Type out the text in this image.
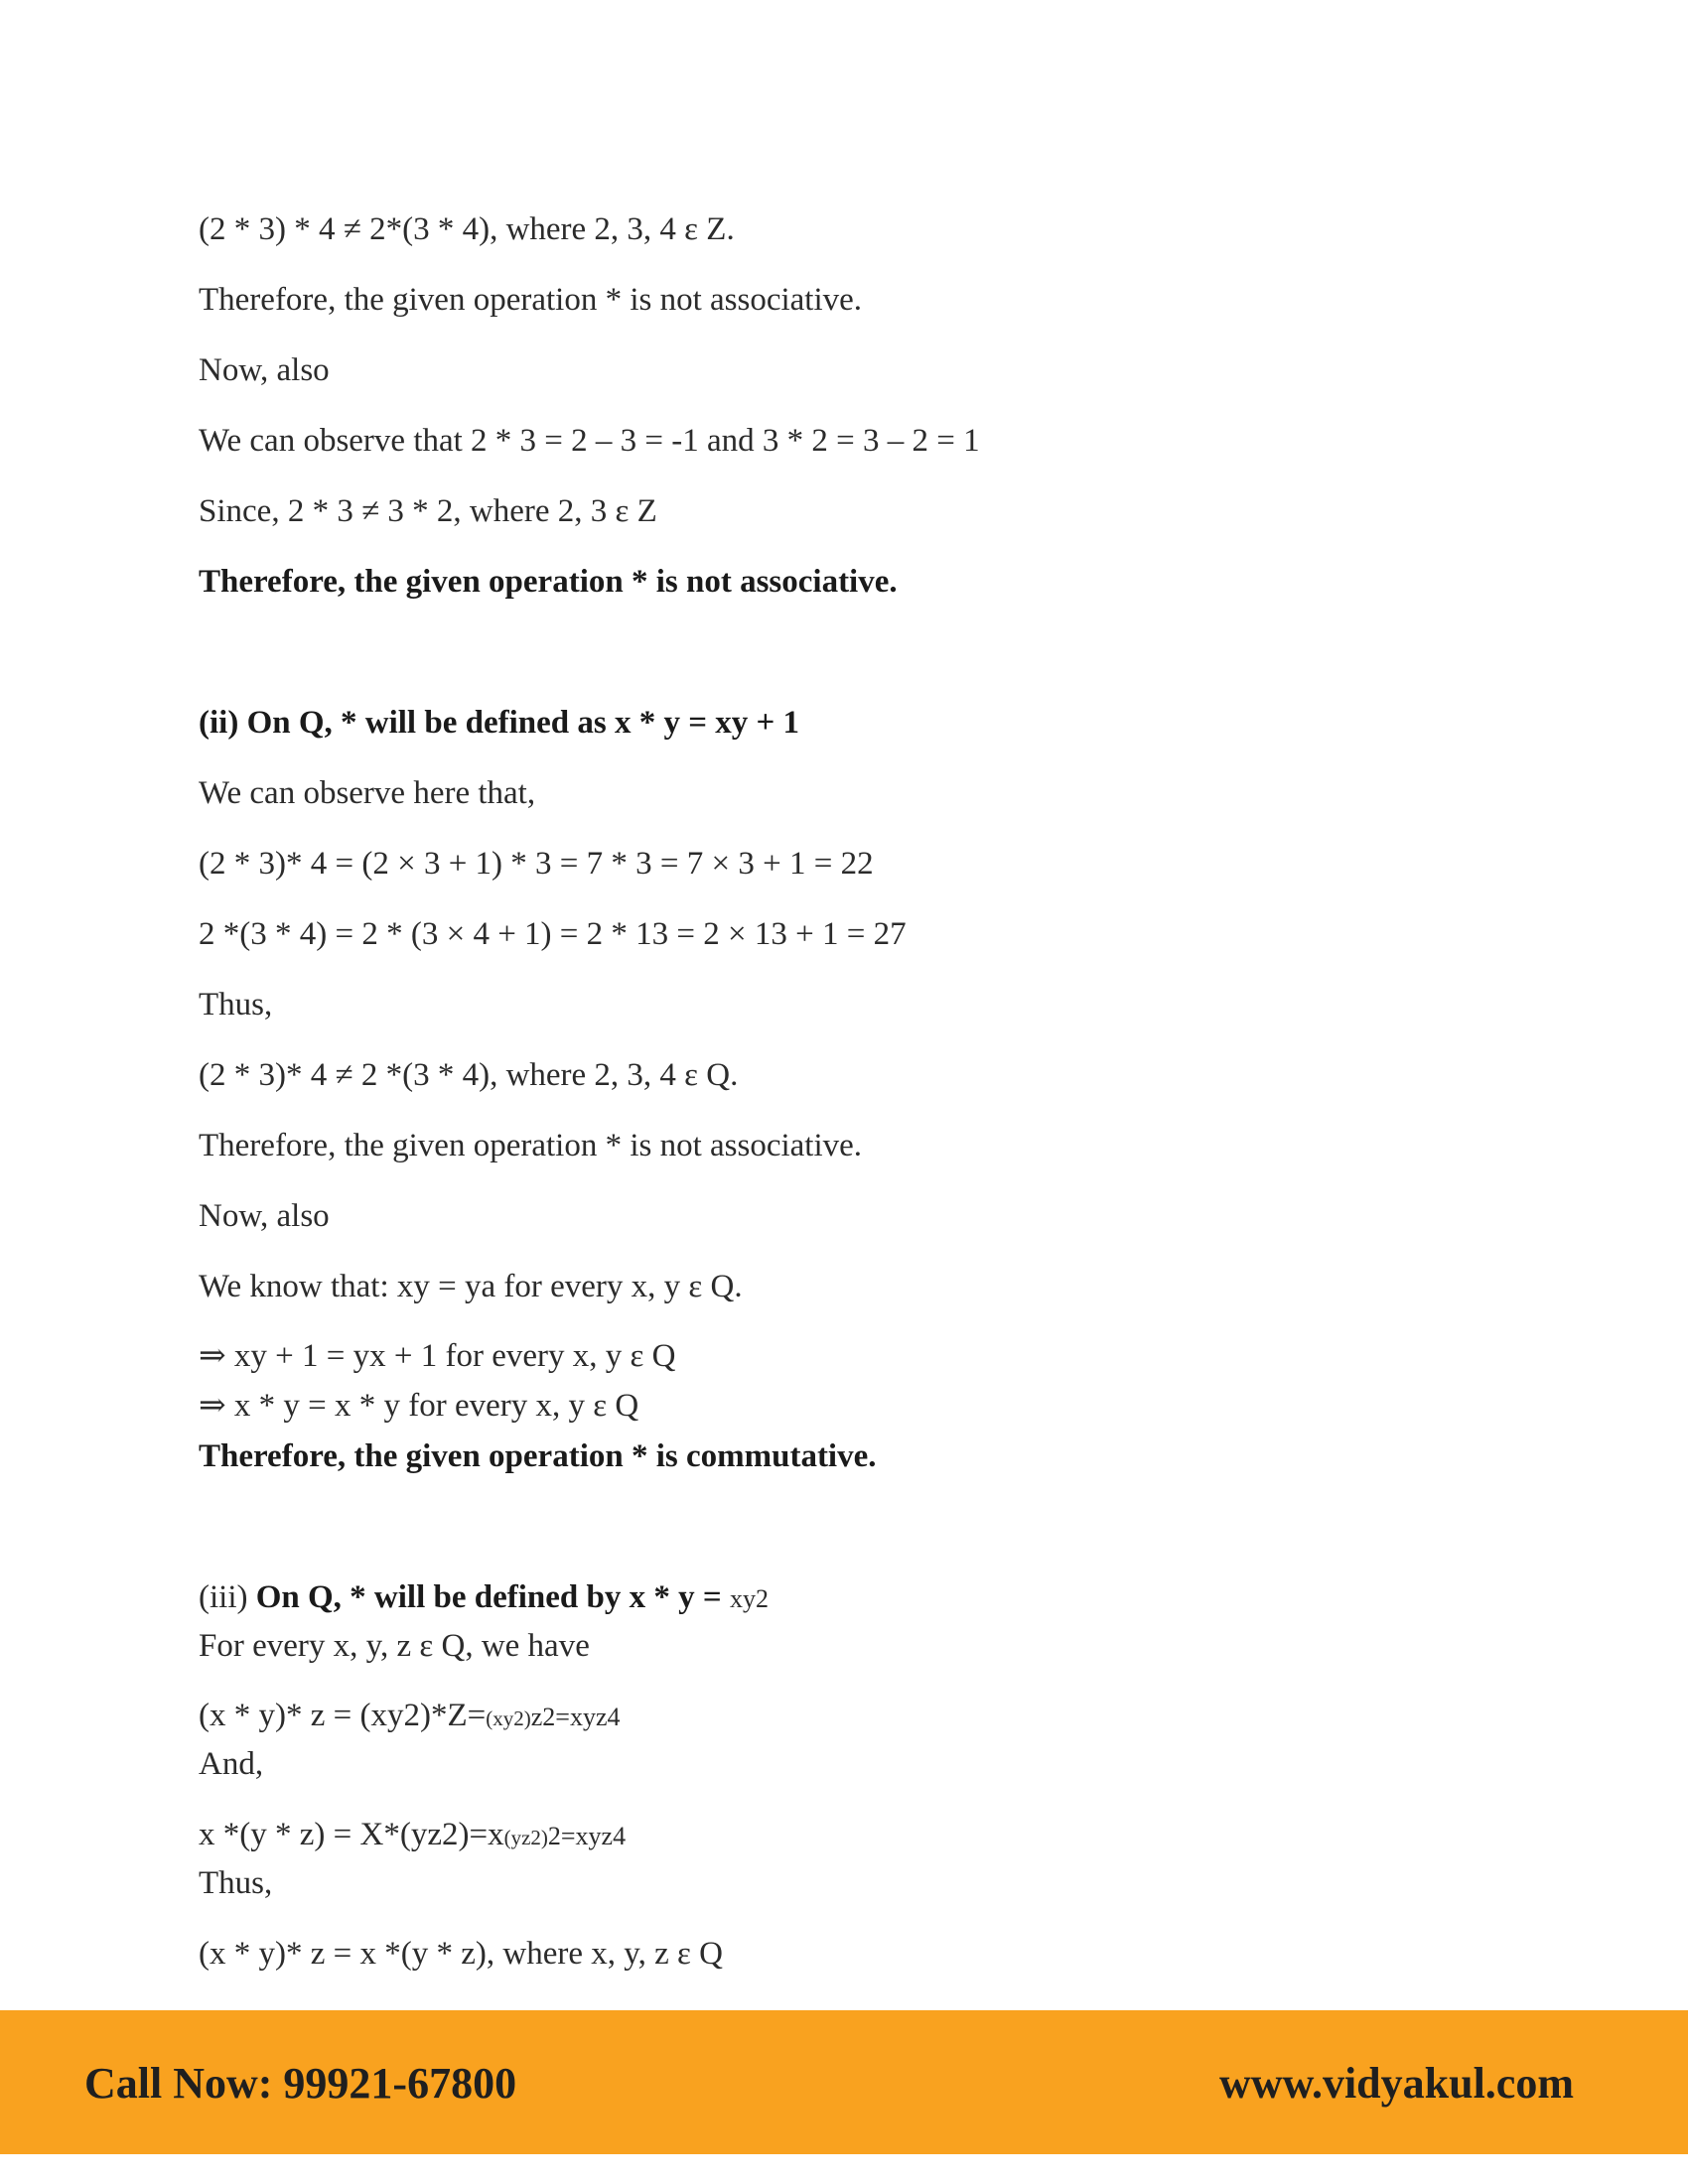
(2 * 3) * 4 ≠ 2*(3 * 4), where 2, 3, 4 ε Z.
Therefore, the given operation * is not associative.
Now, also
We can observe that 2 * 3 = 2 – 3 = -1 and 3 * 2 = 3 – 2 = 1
Since, 2 * 3 ≠ 3 * 2, where 2, 3 ε Z
Therefore, the given operation * is not associative.
(ii) On Q, * will be defined as x * y = xy + 1
We can observe here that,
(2 * 3)* 4 = (2 × 3 + 1) * 3 = 7 * 3 = 7 × 3 + 1 = 22
2 *(3 * 4) = 2 * (3 × 4 + 1) = 2 * 13 = 2 × 13 + 1 = 27
Thus,
(2 * 3)* 4 ≠ 2 *(3 * 4), where 2, 3, 4 ε Q.
Therefore, the given operation * is not associative.
Now, also
We know that: xy = ya for every x, y ε Q.
⇒ xy + 1 = yx + 1 for every x, y ε Q
⇒ x * y = x * y for every x, y ε Q
Therefore, the given operation * is commutative.
(iii) On Q, * will be defined by x * y = xy2
For every x, y, z ε Q, we have
(x * y)* z = (xy2)*Z=(xy2)z2=xyz4
And,
x *(y * z) = X*(yz2)=x(yz2)2=xyz4
Thus,
(x * y)* z = x *(y * z), where x, y, z ε Q
Call Now: 99921-67800	www.vidyakul.com
